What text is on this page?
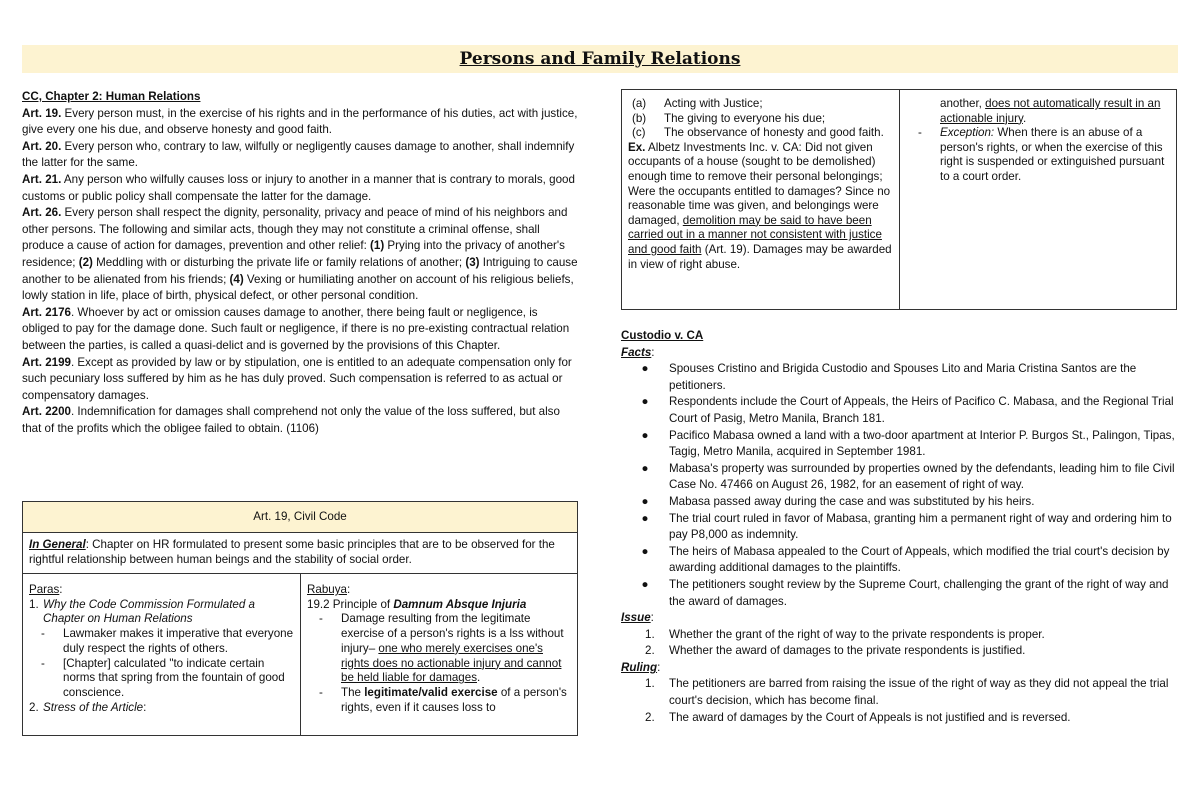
Persons and Family Relations
CC, Chapter 2: Human Relations

Art. 19. Every person must, in the exercise of his rights and in the performance of his duties, act with justice, give every one his due, and observe honesty and good faith.

Art. 20. Every person who, contrary to law, wilfully or negligently causes damage to another, shall indemnify the latter for the same.

Art. 21. Any person who wilfully causes loss or injury to another in a manner that is contrary to morals, good customs or public policy shall compensate the latter for the damage.

Art. 26. Every person shall respect the dignity, personality, privacy and peace of mind of his neighbors and other persons. The following and similar acts, though they may not constitute a criminal offense, shall produce a cause of action for damages, prevention and other relief: (1) Prying into the privacy of another's residence; (2) Meddling with or disturbing the private life or family relations of another; (3) Intriguing to cause another to be alienated from his friends; (4) Vexing or humiliating another on account of his religious beliefs, lowly station in life, place of birth, physical defect, or other personal condition.

Art. 2176. Whoever by act or omission causes damage to another, there being fault or negligence, is obliged to pay for the damage done. Such fault or negligence, if there is no pre-existing contractual relation between the parties, is called a quasi-delict and is governed by the provisions of this Chapter.

Art. 2199. Except as provided by law or by stipulation, one is entitled to an adequate compensation only for such pecuniary loss suffered by him as he has duly proved. Such compensation is referred to as actual or compensatory damages.

Art. 2200. Indemnification for damages shall comprehend not only the value of the loss suffered, but also that of the profits which the obligee failed to obtain. (1106)

Art. 19, Civil Code
In General: Chapter on HR formulated to present some basic principles that are to be observed for the rightful relationship between human beings and the stability of social order.
Paras:
1. Why the Code Commission Formulated a Chapter on Human Relations
-	Lawmaker makes it imperative that everyone duly respect the rights of others.
-	[Chapter] calculated "to indicate certain norms that spring from the fountain of good conscience.
2. Stress of the Article:
Rabuya:
19.2 Principle of Damnum Absque Injuria
-	Damage resulting from the legitimate exercise of a person's rights is a lss without injury– one who merely exercises one's rights does no actionable injury and cannot be held liable for damages.
-	The legitimate/valid exercise of a person's rights, even if it causes loss to
(a)	Acting with Justice;
(b)	The giving to everyone his due;
(c)	The observance of honesty and good faith.
Ex. Albetz Investments Inc. v. CA: Did not given occupants of a house (sought to be demolished) enough time to remove their personal belongings; Were the occupants entitled to damages? Since no reasonable time was given, and belongings were damaged, demolition may be said to have been carried out in a manner not consistent with justice and good faith (Art. 19). Damages may be awarded in view of right abuse.
another, does not automatically result in an actionable injury.
-	Exception: When there is an abuse of a person's rights, or when the exercise of this right is suspended or extinguished pursuant to a court order.
Custodio v. CA
Facts:
●	Spouses Cristino and Brigida Custodio and Spouses Lito and Maria Cristina Santos are the petitioners.
●	Respondents include the Court of Appeals, the Heirs of Pacifico C. Mabasa, and the Regional Trial Court of Pasig, Metro Manila, Branch 181.
●	Pacifico Mabasa owned a land with a two-door apartment at Interior P. Burgos St., Palingon, Tipas, Tagig, Metro Manila, acquired in September 1981.
●	Mabasa's property was surrounded by properties owned by the defendants, leading him to file Civil Case No. 47466 on August 26, 1982, for an easement of right of way.
●	Mabasa passed away during the case and was substituted by his heirs.
●	The trial court ruled in favor of Mabasa, granting him a permanent right of way and ordering him to pay P8,000 as indemnity.
●	The heirs of Mabasa appealed to the Court of Appeals, which modified the trial court's decision by awarding additional damages to the plaintiffs.
●	The petitioners sought review by the Supreme Court, challenging the grant of the right of way and the award of damages.
Issue:
1.	Whether the grant of the right of way to the private respondents is proper.
2.	Whether the award of damages to the private respondents is justified.
Ruling:
1.	The petitioners are barred from raising the issue of the right of way as they did not appeal the trial court's decision, which has become final.
2.	The award of damages by the Court of Appeals is not justified and is reversed.
